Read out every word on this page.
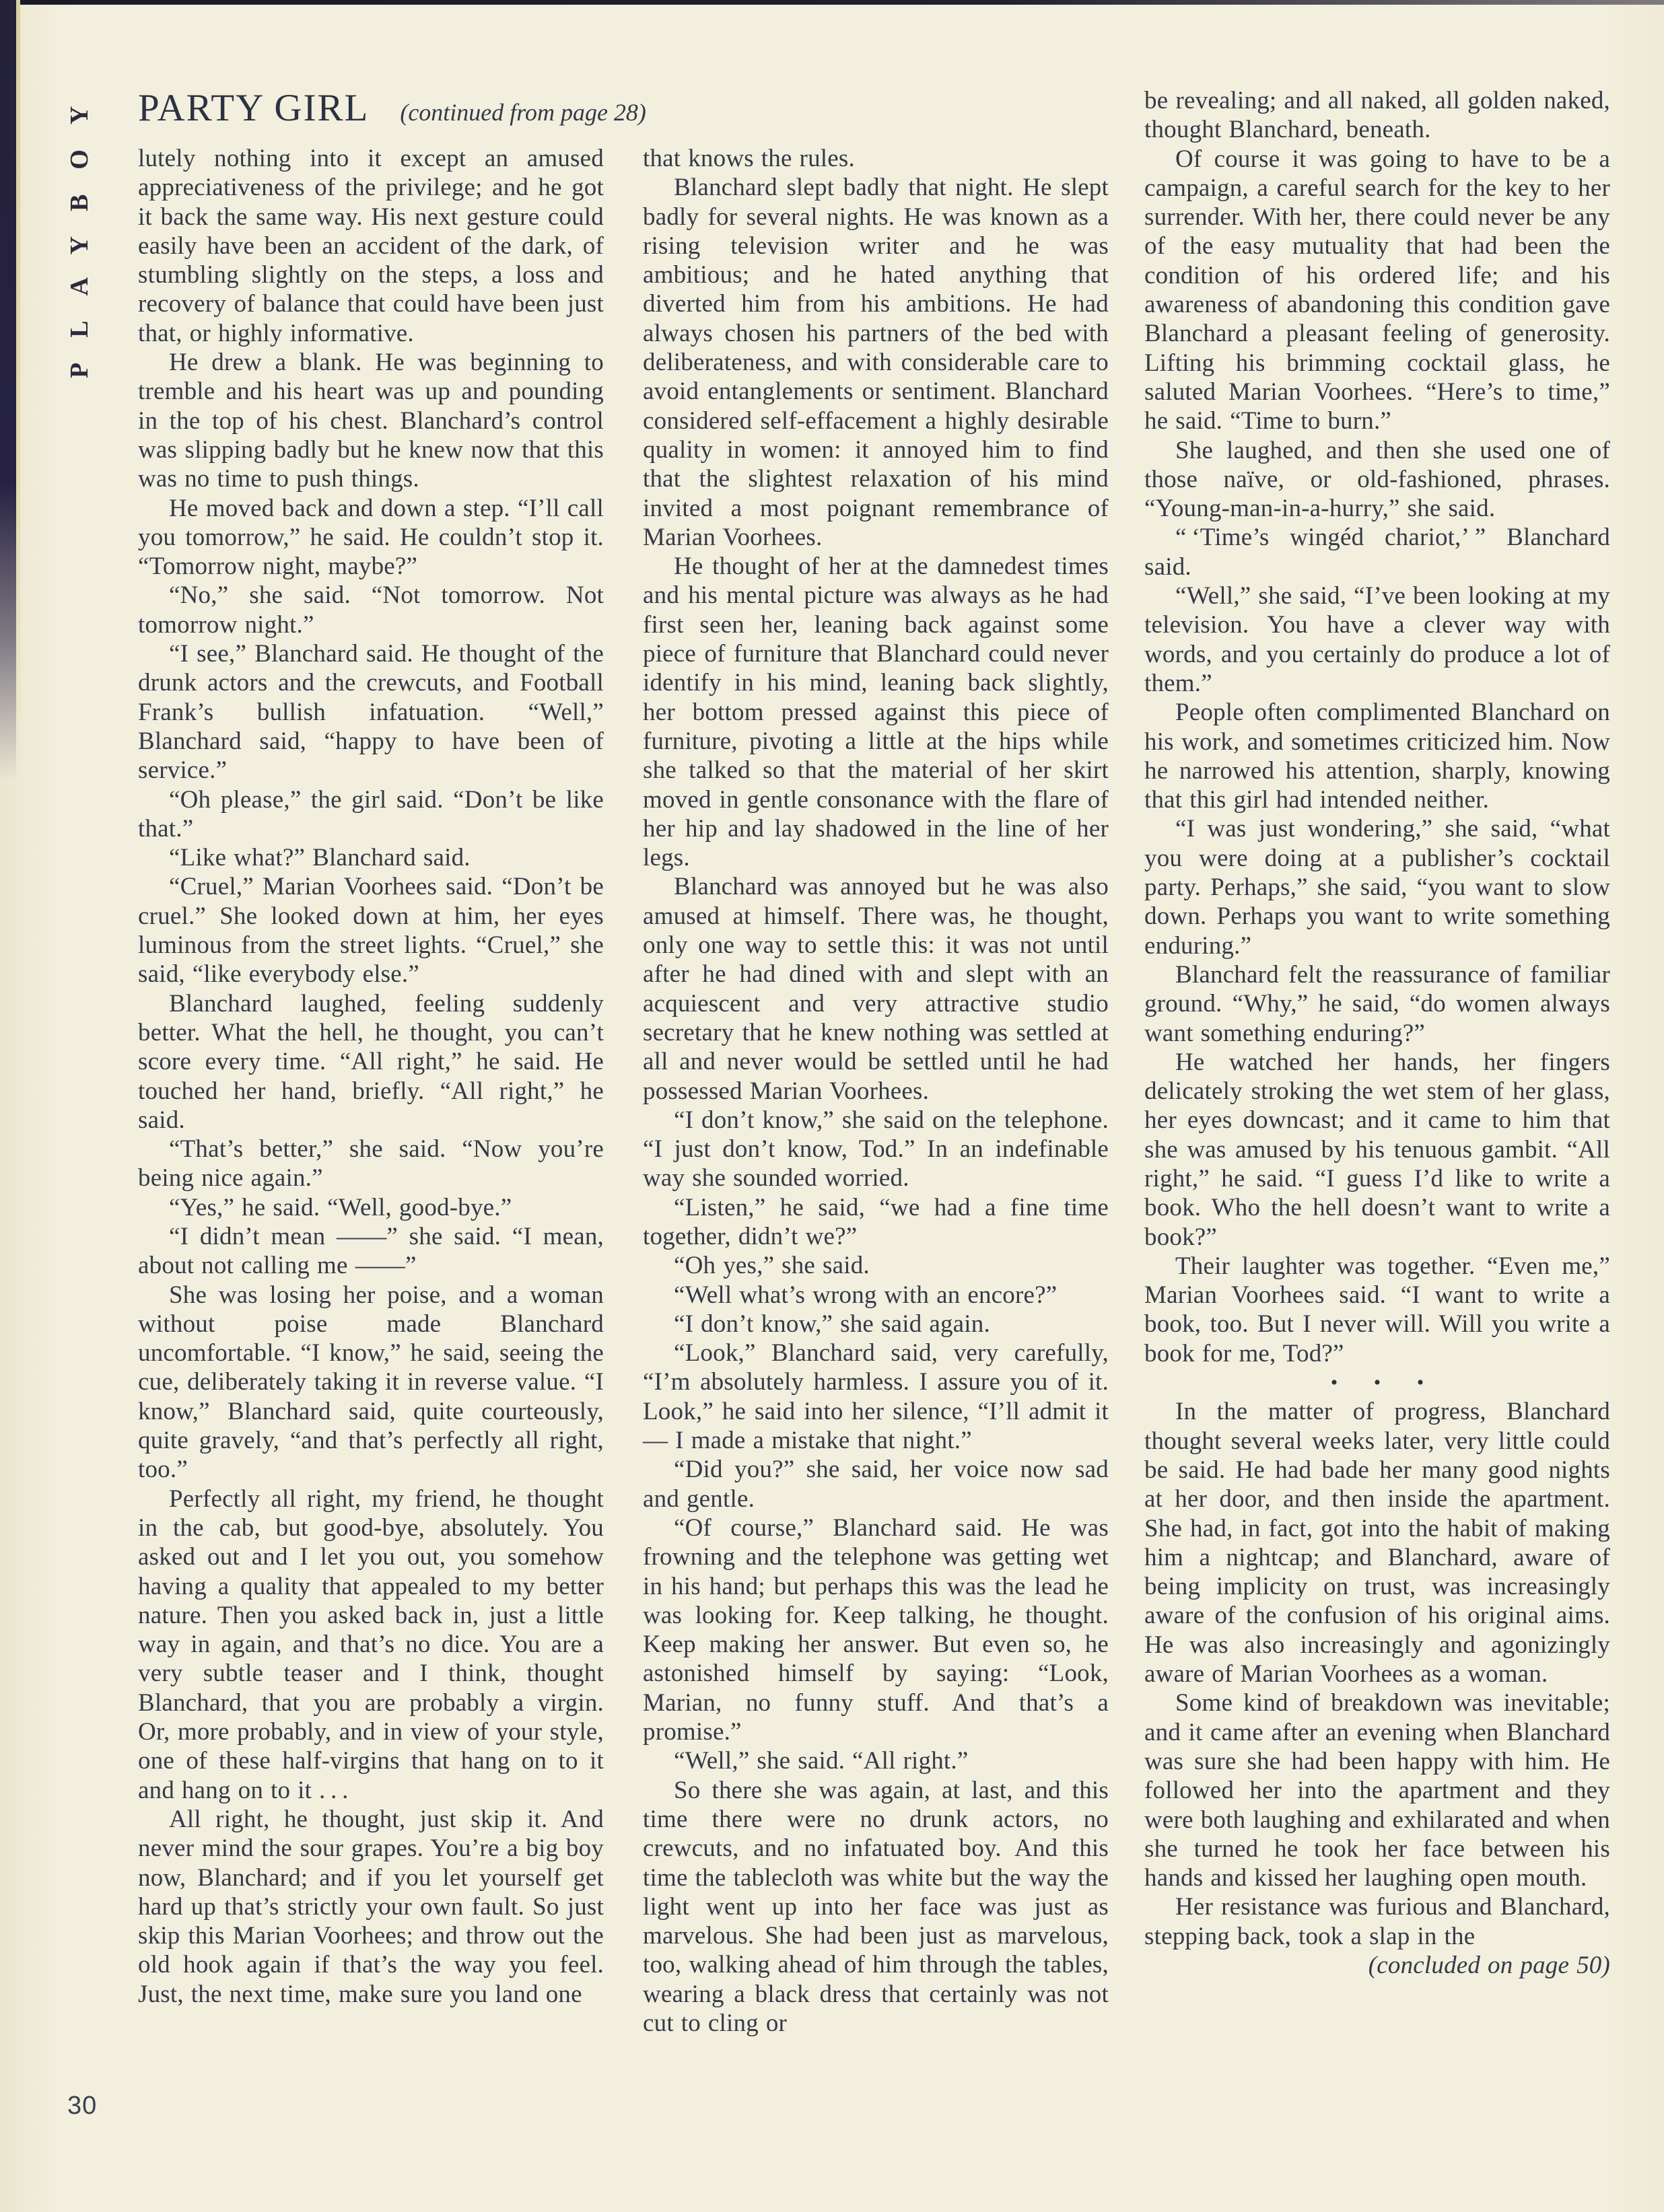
PLAYBOY PARTY GIRL (continued from page 28)

lutely nothing into it except an amused appreciativeness of the privilege; and he got it back the same way. His next gesture could easily have been an accident of the dark, of stumbling slightly on the steps, a loss and recovery of balance that could have been just that, or highly informative.

He drew a blank. He was beginning to tremble and his heart was up and pounding in the top of his chest. Blanchard’s control was slipping badly but he knew now that this was no time to push things.

He moved back and down a step. “I’ll call you tomorrow,” he said. He couldn’t stop it. “Tomorrow night, maybe?”

“No,” she said. “Not tomorrow. Not tomorrow night.”

“I see,” Blanchard said. He thought of the drunk actors and the crewcuts, and Football Frank’s bullish infatuation. “Well,” Blanchard said, “happy to have been of service.”

“Oh please,” the girl said. “Don’t be like that.”

“Like what?” Blanchard said.

“Cruel,” Marian Voorhees said. “Don’t be cruel.” She looked down at him, her eyes luminous from the street lights. “Cruel,” she said, “like everybody else.”

Blanchard laughed, feeling suddenly better. What the hell, he thought, you can’t score every time. “All right,” he said. He touched her hand, briefly. “All right,” he said.

“That’s better,” she said. “Now you’re being nice again.”

“Yes,” he said. “Well, good-bye.”

“I didn’t mean ——” she said. “I mean, about not calling me ——”

She was losing her poise, and a woman without poise made Blanchard uncomfortable. “I know,” he said, seeing the cue, deliberately taking it in reverse value. “I know,” Blanchard said, quite courteously, quite gravely, “and that’s perfectly all right, too.”

Perfectly all right, my friend, he thought in the cab, but good-bye, absolutely. You asked out and I let you out, you somehow having a quality that appealed to my better nature. Then you asked back in, just a little way in again, and that’s no dice. You are a very subtle teaser and I think, thought Blanchard, that you are probably a virgin. Or, more probably, and in view of your style, one of these half-virgins that hang on to it and hang on to it . . .

All right, he thought, just skip it. And never mind the sour grapes. You’re a big boy now, Blanchard; and if you let yourself get hard up that’s strictly your own fault. So just skip this Marian Voorhees; and throw out the old hook again if that’s the way you feel. Just, the next time, make sure you land one

that knows the rules.

Blanchard slept badly that night. He slept badly for several nights. He was known as a rising television writer and he was ambitious; and he hated anything that diverted him from his ambitions. He had always chosen his partners of the bed with deliberateness, and with considerable care to avoid entanglements or sentiment. Blanchard considered self-effacement a highly desirable quality in women: it annoyed him to find that the slightest relaxation of his mind invited a most poignant remembrance of Marian Voorhees.

He thought of her at the damnedest times and his mental picture was always as he had first seen her, leaning back against some piece of furniture that Blanchard could never identify in his mind, leaning back slightly, her bottom pressed against this piece of furniture, pivoting a little at the hips while she talked so that the material of her skirt moved in gentle consonance with the flare of her hip and lay shadowed in the line of her legs.

Blanchard was annoyed but he was also amused at himself. There was, he thought, only one way to settle this: it was not until after he had dined with and slept with an acquiescent and very attractive studio secretary that he knew nothing was settled at all and never would be settled until he had possessed Marian Voorhees.

“I don’t know,” she said on the telephone. “I just don’t know, Tod.” In an indefinable way she sounded worried.

“Listen,” he said, “we had a fine time together, didn’t we?”

“Oh yes,” she said.

“Well what’s wrong with an encore?”

“I don’t know,” she said again.

“Look,” Blanchard said, very carefully, “I’m absolutely harmless. I assure you of it. Look,” he said into her silence, “I’ll admit it — I made a mistake that night.”

“Did you?” she said, her voice now sad and gentle.

“Of course,” Blanchard said. He was frowning and the telephone was getting wet in his hand; but perhaps this was the lead he was looking for. Keep talking, he thought. Keep making her answer. But even so, he astonished himself by saying: “Look, Marian, no funny stuff. And that’s a promise.”

“Well,” she said. “All right.”

So there she was again, at last, and this time there were no drunk actors, no crewcuts, and no infatuated boy. And this time the tablecloth was white but the way the light went up into her face was just as marvelous. She had been just as marvelous, too, walking ahead of him through the tables, wearing a black dress that certainly was not cut to cling or

be revealing; and all naked, all golden naked, thought Blanchard, beneath.

Of course it was going to have to be a campaign, a careful search for the key to her surrender. With her, there could never be any of the easy mutuality that had been the condition of his ordered life; and his awareness of abandoning this condition gave Blanchard a pleasant feeling of generosity. Lifting his brimming cocktail glass, he saluted Marian Voorhees. “Here’s to time,” he said. “Time to burn.”

She laughed, and then she used one of those naïve, or old-fashioned, phrases. “Young-man-in-a-hurry,” she said.

“ ‘Time’s wingéd chariot,’ ” Blanchard said.

“Well,” she said, “I’ve been looking at my television. You have a clever way with words, and you certainly do produce a lot of them.”

People often complimented Blanchard on his work, and sometimes criticized him. Now he narrowed his attention, sharply, knowing that this girl had intended neither.

“I was just wondering,” she said, “what you were doing at a publisher’s cocktail party. Perhaps,” she said, “you want to slow down. Perhaps you want to write something enduring.”

Blanchard felt the reassurance of familiar ground. “Why,” he said, “do women always want something enduring?”

He watched her hands, her fingers delicately stroking the wet stem of her glass, her eyes downcast; and it came to him that she was amused by his tenuous gambit. “All right,” he said. “I guess I’d like to write a book. Who the hell doesn’t want to write a book?”

Their laughter was together. “Even me,” Marian Voorhees said. “I want to write a book, too. But I never will. Will you write a book for me, Tod?”

• • •

In the matter of progress, Blanchard thought several weeks later, very little could be said. He had bade her many good nights at her door, and then inside the apartment. She had, in fact, got into the habit of making him a nightcap; and Blanchard, aware of being implicity on trust, was increasingly aware of the confusion of his original aims. He was also increasingly and agonizingly aware of Marian Voorhees as a woman.

Some kind of breakdown was inevitable; and it came after an evening when Blanchard was sure she had been happy with him. He followed her into the apartment and they were both laughing and exhilarated and when she turned he took her face between his hands and kissed her laughing open mouth.

Her resistance was furious and Blanchard, stepping back, took a slap in the

(concluded on page 50)

30
